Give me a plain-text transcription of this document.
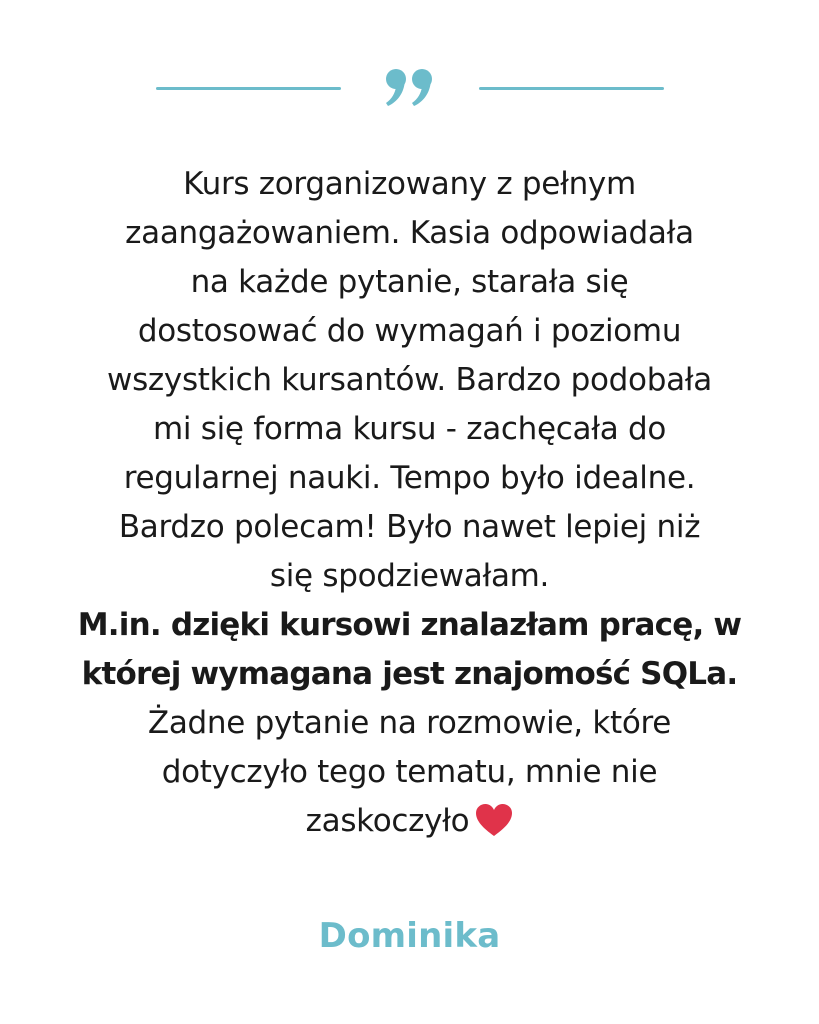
Kurs zorganizowany z pełnym

zaangażowaniem. Kasia odpowiadała

na każde pytanie, starała się

dostosować do wymagań i poziomu

wszystkich kursantów. Bardzo podobała

mi się forma kursu - zachęcała do

regularnej nauki. Tempo było idealne.

Bardzo polecam! Było nawet lepiej niż

się spodziewałam.

M.in. dzięki kursowi znalazłam pracę, w

której wymagana jest znajomość SQLa.

Żadne pytanie na rozmowie, które

dotyczyło tego tematu, mnie nie

zaskoczyło

Dominika
